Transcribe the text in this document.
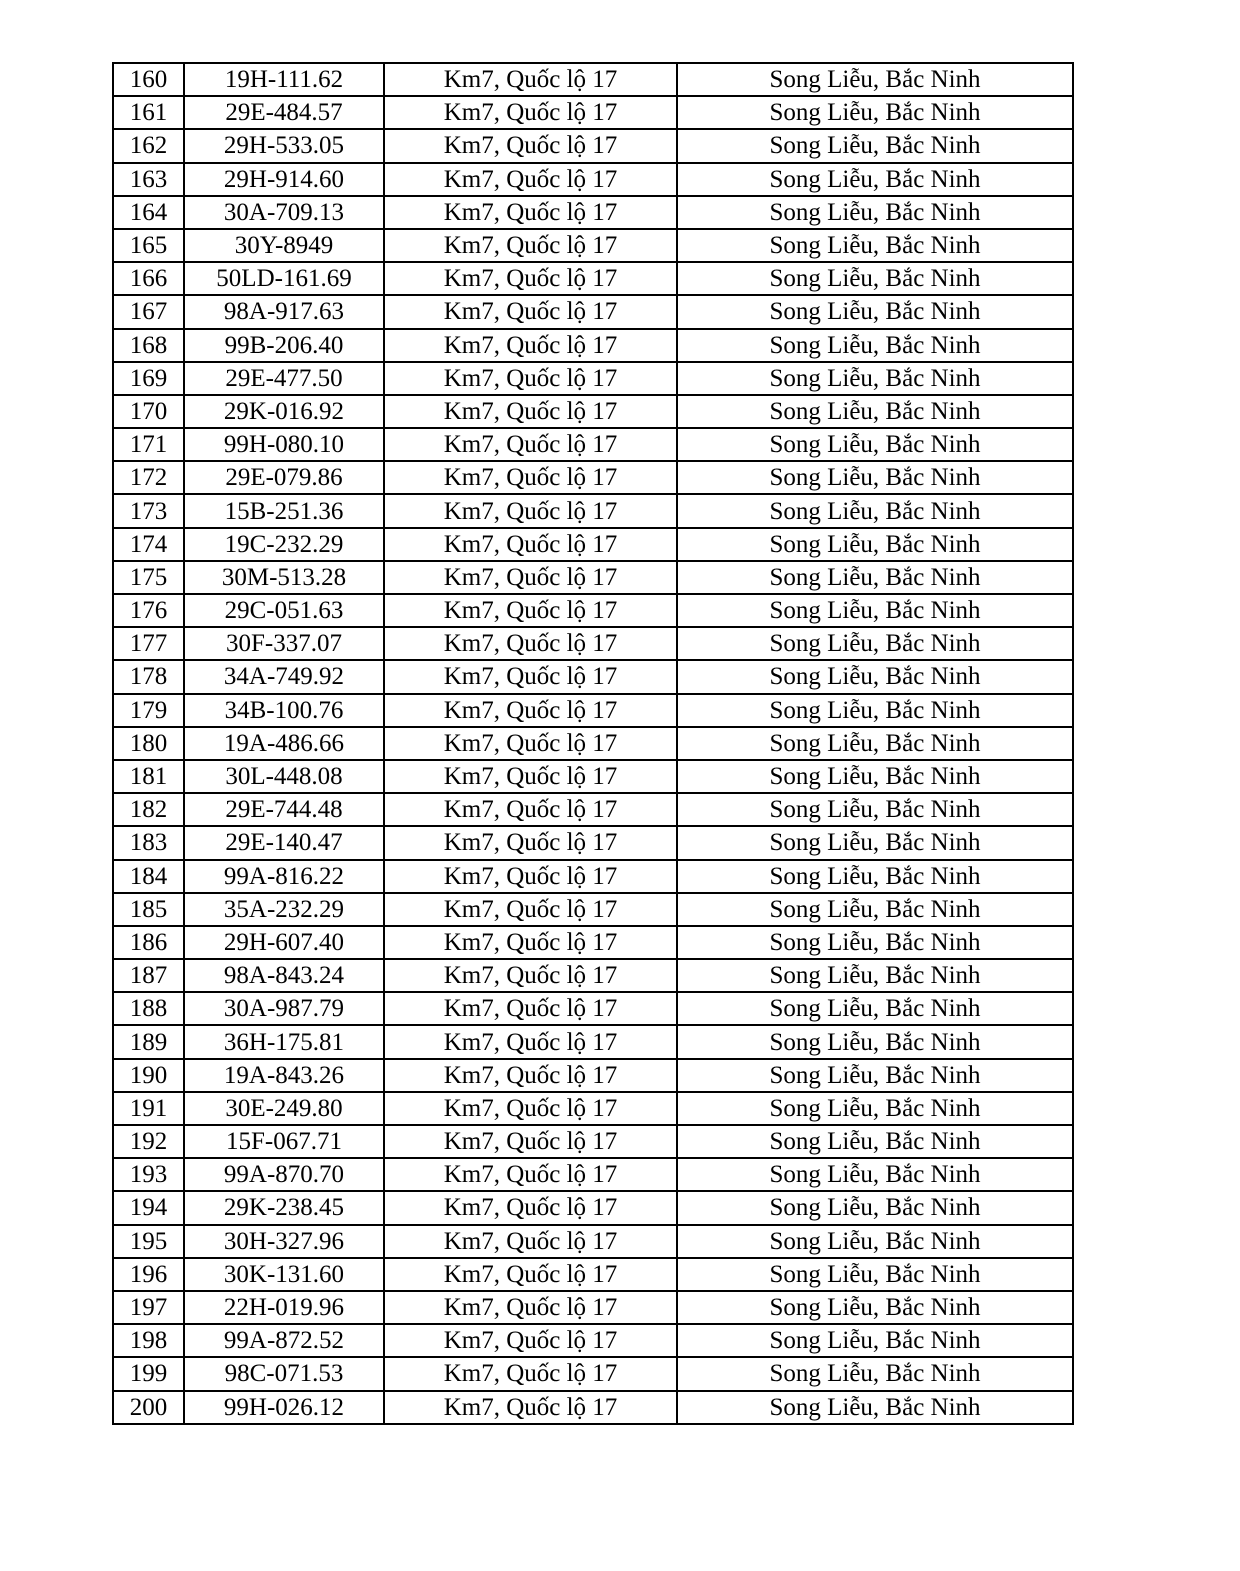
160	19H-111.62	Km7, Quốc lộ 17	Song Liễu, Bắc Ninh
161	29E-484.57	Km7, Quốc lộ 17	Song Liễu, Bắc Ninh
162	29H-533.05	Km7, Quốc lộ 17	Song Liễu, Bắc Ninh
163	29H-914.60	Km7, Quốc lộ 17	Song Liễu, Bắc Ninh
164	30A-709.13	Km7, Quốc lộ 17	Song Liễu, Bắc Ninh
165	30Y-8949	Km7, Quốc lộ 17	Song Liễu, Bắc Ninh
166	50LD-161.69	Km7, Quốc lộ 17	Song Liễu, Bắc Ninh
167	98A-917.63	Km7, Quốc lộ 17	Song Liễu, Bắc Ninh
168	99B-206.40	Km7, Quốc lộ 17	Song Liễu, Bắc Ninh
169	29E-477.50	Km7, Quốc lộ 17	Song Liễu, Bắc Ninh
170	29K-016.92	Km7, Quốc lộ 17	Song Liễu, Bắc Ninh
171	99H-080.10	Km7, Quốc lộ 17	Song Liễu, Bắc Ninh
172	29E-079.86	Km7, Quốc lộ 17	Song Liễu, Bắc Ninh
173	15B-251.36	Km7, Quốc lộ 17	Song Liễu, Bắc Ninh
174	19C-232.29	Km7, Quốc lộ 17	Song Liễu, Bắc Ninh
175	30M-513.28	Km7, Quốc lộ 17	Song Liễu, Bắc Ninh
176	29C-051.63	Km7, Quốc lộ 17	Song Liễu, Bắc Ninh
177	30F-337.07	Km7, Quốc lộ 17	Song Liễu, Bắc Ninh
178	34A-749.92	Km7, Quốc lộ 17	Song Liễu, Bắc Ninh
179	34B-100.76	Km7, Quốc lộ 17	Song Liễu, Bắc Ninh
180	19A-486.66	Km7, Quốc lộ 17	Song Liễu, Bắc Ninh
181	30L-448.08	Km7, Quốc lộ 17	Song Liễu, Bắc Ninh
182	29E-744.48	Km7, Quốc lộ 17	Song Liễu, Bắc Ninh
183	29E-140.47	Km7, Quốc lộ 17	Song Liễu, Bắc Ninh
184	99A-816.22	Km7, Quốc lộ 17	Song Liễu, Bắc Ninh
185	35A-232.29	Km7, Quốc lộ 17	Song Liễu, Bắc Ninh
186	29H-607.40	Km7, Quốc lộ 17	Song Liễu, Bắc Ninh
187	98A-843.24	Km7, Quốc lộ 17	Song Liễu, Bắc Ninh
188	30A-987.79	Km7, Quốc lộ 17	Song Liễu, Bắc Ninh
189	36H-175.81	Km7, Quốc lộ 17	Song Liễu, Bắc Ninh
190	19A-843.26	Km7, Quốc lộ 17	Song Liễu, Bắc Ninh
191	30E-249.80	Km7, Quốc lộ 17	Song Liễu, Bắc Ninh
192	15F-067.71	Km7, Quốc lộ 17	Song Liễu, Bắc Ninh
193	99A-870.70	Km7, Quốc lộ 17	Song Liễu, Bắc Ninh
194	29K-238.45	Km7, Quốc lộ 17	Song Liễu, Bắc Ninh
195	30H-327.96	Km7, Quốc lộ 17	Song Liễu, Bắc Ninh
196	30K-131.60	Km7, Quốc lộ 17	Song Liễu, Bắc Ninh
197	22H-019.96	Km7, Quốc lộ 17	Song Liễu, Bắc Ninh
198	99A-872.52	Km7, Quốc lộ 17	Song Liễu, Bắc Ninh
199	98C-071.53	Km7, Quốc lộ 17	Song Liễu, Bắc Ninh
200	99H-026.12	Km7, Quốc lộ 17	Song Liễu, Bắc Ninh
